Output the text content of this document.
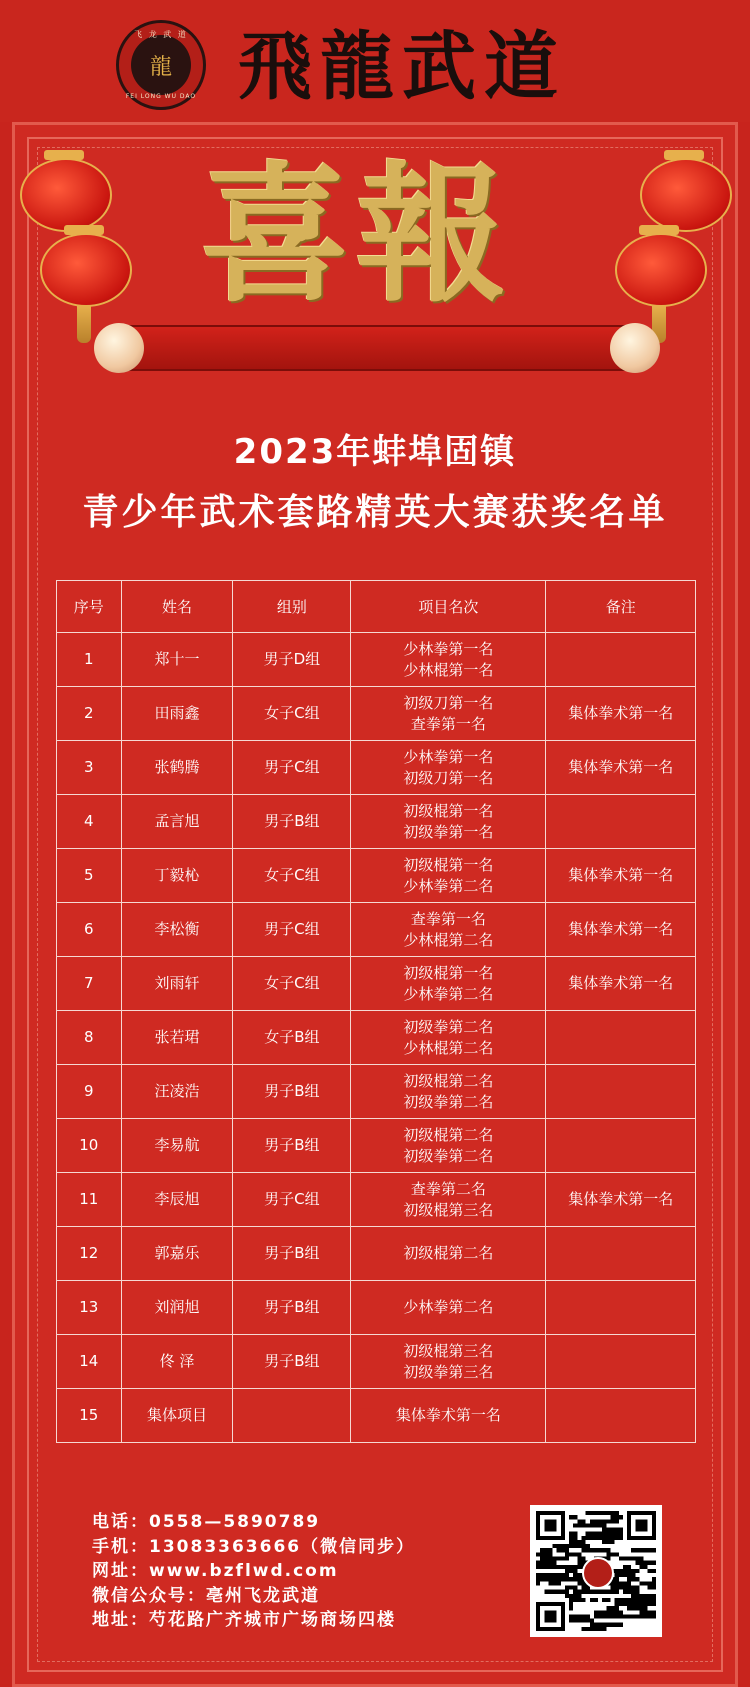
飞 龙 武 道
龍
FEI LONG WU DAO 飛龍武道
喜報
2023年蚌埠固镇
青少年武术套路精英大赛获奖名单
序号	姓名	组别	项目名次	备注
1	郑十一	男子D组	少林拳第一名
少林棍第一名	

2	田雨鑫	女子C组	初级刀第一名
查拳第一名	集体拳术第一名
3	张鹤腾	男子C组	少林拳第一名
初级刀第一名	集体拳术第一名
4	孟言旭	男子B组	初级棍第一名
初级拳第一名	

5	丁毅杺	女子C组	初级棍第一名
少林拳第二名	集体拳术第一名
6	李松衡	男子C组	查拳第一名
少林棍第二名	集体拳术第一名
7	刘雨轩	女子C组	初级棍第一名
少林拳第二名	集体拳术第一名
8	张若珺	女子B组	初级拳第二名
少林棍第二名	

9	汪凌浩	男子B组	初级棍第二名
初级拳第二名	

10	李易航	男子B组	初级棍第二名
初级拳第二名	

11	李辰旭	男子C组	查拳第二名
初级棍第三名	集体拳术第一名
12	郭嘉乐	男子B组	初级棍第二名	

13	刘润旭	男子B组	少林拳第二名	

14	佟 泽	男子B组	初级棍第三名
初级拳第三名	

15	集体项目		集体拳术第一名	

电话：0558—5890789
手机：13083363666（微信同步）
网址：www.bzflwd.com
微信公众号：亳州飞龙武道
地址：芍花路广齐城市广场商场四楼
